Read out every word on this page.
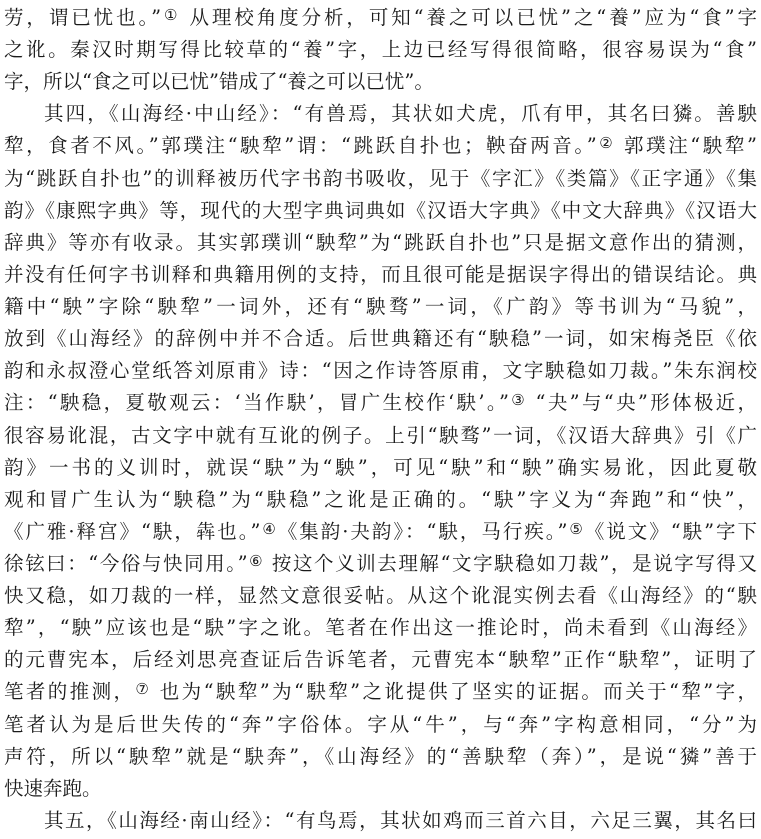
劳，谓已忧也。”① 从理校角度分析，可知“養之可以已忧”之“養”应为“食”字
之讹。秦汉时期写得比较草的“養”字，上边已经写得很简略，很容易误为“食”
字，所以“食之可以已忧”错成了“養之可以已忧”。
其四，《山海经·中山经》：“有兽焉，其状如犬虎，爪有甲，其名曰獜。善駚
犂，食者不风。”郭璞注“駚犂”谓：“跳跃自扑也；鞅奋两音。”② 郭璞注“駚犂”
为“跳跃自扑也”的训释被历代字书韵书吸收，见于《字汇》《类篇》《正字通》《集
韵》《康熙字典》等，现代的大型字典词典如《汉语大字典》《中文大辞典》《汉语大
辞典》等亦有收录。其实郭璞训“駚犂”为“跳跃自扑也”只是据文意作出的猜测，
并没有任何字书训释和典籍用例的支持，而且很可能是据误字得出的错误结论。典
籍中“駚”字除“駚犂”一词外，还有“駚骛”一词，《广韵》等书训为“马貌”，
放到《山海经》的辞例中并不合适。后世典籍还有“駚稳”一词，如宋梅尧臣《依
韵和永叔澄心堂纸答刘原甫》诗：“因之作诗答原甫，文字駚稳如刀裁。”朱东润校
注：“駚稳，夏敬观云：‘当作駃’，冒广生校作‘駃’。”③ “夬”与“央”形体极近，
很容易讹混，古文字中就有互讹的例子。上引“駚骛”一词，《汉语大辞典》引《广
韵》一书的义训时，就误“駃”为“駚”，可见“駃”和“駚”确实易讹，因此夏敬
观和冒广生认为“駚稳”为“駃稳”之讹是正确的。“駃”字义为“奔跑”和“快”，
《广雅·释宫》“駃，犇也。”④《集韵·夬韵》：“駃，马行疾。”⑤《说文》“駃”字下
徐铉曰：“今俗与快同用。”⑥ 按这个义训去理解“文字駃稳如刀裁”，是说字写得又
快又稳，如刀裁的一样，显然文意很妥帖。从这个讹混实例去看《山海经》的“駚
犂”，“駚”应该也是“駃”字之讹。笔者在作出这一推论时，尚未看到《山海经》
的元曹宪本，后经刘思亮查证后告诉笔者，元曹宪本“駚犂”正作“駃犂”，证明了
笔者的推测，⑦ 也为“駚犂”为“駃犂”之讹提供了坚实的证据。而关于“犂”字，
笔者认为是后世失传的“奔”字俗体。字从“牛”，与“奔”字构意相同，“分”为
声符，所以“駚犂”就是“駃奔”，《山海经》的“善駃犂（奔）”，是说“獜”善于
快速奔跑。
其五，《山海经·南山经》：“有鸟焉，其状如鸡而三首六目，六足三翼，其名曰
